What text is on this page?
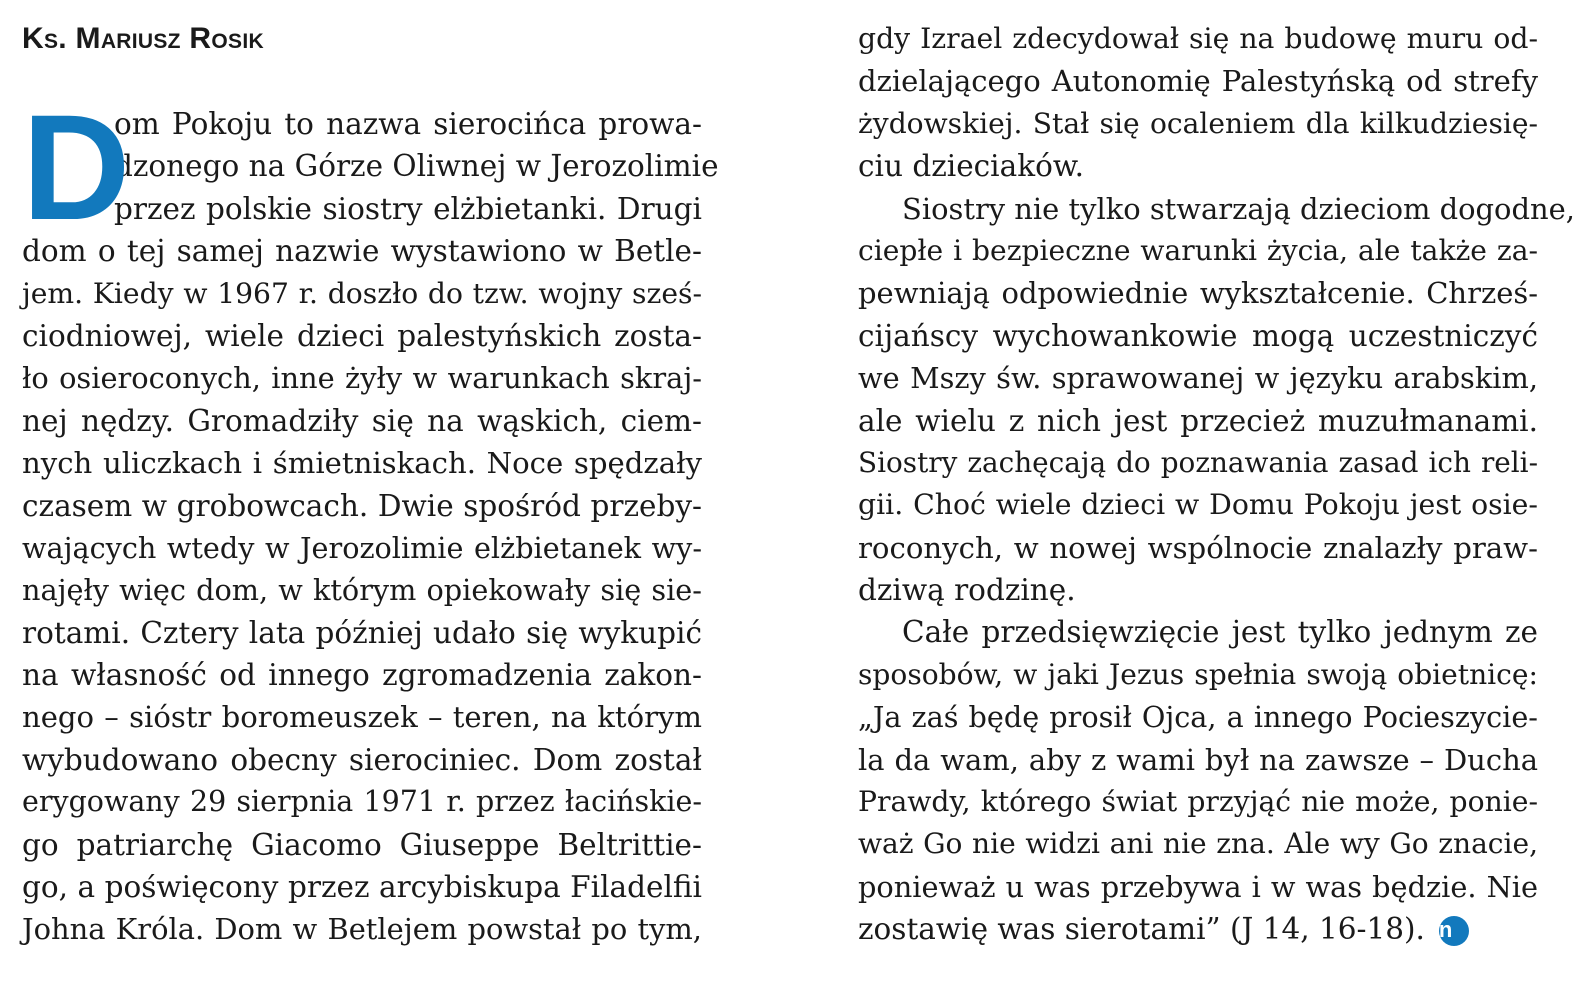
Ks. Mariusz Rosik
D
om Pokoju to nazwa sierocińca prowa-
dzonego na Górze Oliwnej w Jerozolimie
przez polskie siostry elżbietanki. Drugi
dom o tej samej nazwie wystawiono w Betle-
jem. Kiedy w 1967 r. doszło do tzw. wojny sześ-
ciodniowej, wiele dzieci palestyńskich zosta-
ło osieroconych, inne żyły w warunkach skraj-
nej nędzy. Gromadziły się na wąskich, ciem-
nych uliczkach i śmietniskach. Noce spędzały
czasem w grobowcach. Dwie spośród przeby-
wających wtedy w Jerozolimie elżbietanek wy-
najęły więc dom, w którym opiekowały się sie-
rotami. Cztery lata później udało się wykupić
na własność od innego zgromadzenia zakon-
nego – sióstr boromeuszek – teren, na którym
wybudowano obecny sierociniec. Dom został
erygowany 29 sierpnia 1971 r. przez łacińskie-
go patriarchę Giacomo Giuseppe Beltrittie-
go, a poświęcony przez arcybiskupa Filadelfii
Johna Króla. Dom w Betlejem powstał po tym,
gdy Izrael zdecydował się na budowę muru od-
dzielającego Autonomię Palestyńską od strefy
żydowskiej. Stał się ocaleniem dla kilkudziesię-
ciu dzieciaków.
Siostry nie tylko stwarzają dzieciom dogodne,
ciepłe i bezpieczne warunki życia, ale także za-
pewniają odpowiednie wykształcenie. Chrześ-
cijańscy wychowankowie mogą uczestniczyć
we Mszy św. sprawowanej w języku arabskim,
ale wielu z nich jest przecież muzułmanami.
Siostry zachęcają do poznawania zasad ich reli-
gii. Choć wiele dzieci w Domu Pokoju jest osie-
roconych, w nowej wspólnocie znalazły praw-
dziwą rodzinę.
Całe przedsięwzięcie jest tylko jednym ze
sposobów, w jaki Jezus spełnia swoją obietnicę:
„Ja zaś będę prosił Ojca, a innego Pocieszycie-
la da wam, aby z wami był na zawsze – Ducha
Prawdy, którego świat przyjąć nie może, ponie-
waż Go nie widzi ani nie zna. Ale wy Go znacie,
ponieważ u was przebywa i w was będzie. Nie
zostawię was sierotami” (J 14, 16-18). n
